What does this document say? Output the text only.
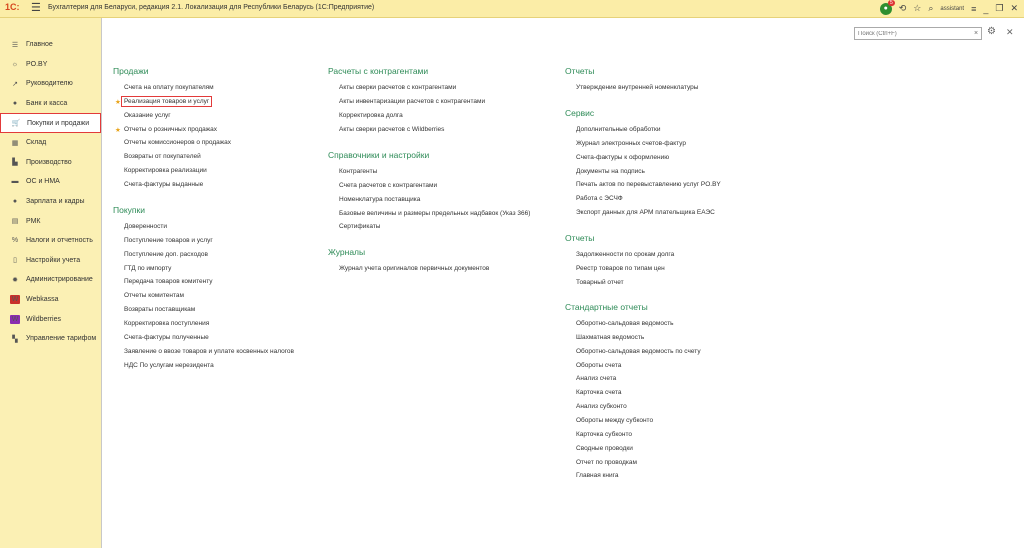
1С: ☰ Бухгалтерия для Беларуси, редакция 2.1. Локализация для Республики Беларусь (1С:Предприятие)	●
5
⟲ ☆ ⌕ assistant ≡ _ ❐ ✕
☰ Главное
☼ PO.BY
↗ Руководителю
●	Банк и касса
🛒 Покупки и продажи
▦ Склад
▙	Производство
▬ ОС и НМА
●	Зарплата и кадры
▤ РМК
% Налоги и отчетность
▯	Настройки учета
✹ Администрирование
W Webkassa
W Wildberries
▚	Управление тарифом
Поиск (Ctrl+F)
× ⚙ ✕
Продажи
Счета на оплату покупателям
Реализация товаров и услуг
★
Оказание услуг
Отчеты о розничных продажах
★
Отчеты комиссионеров о продажах
Возвраты от покупателей
Корректировка реализации
Счета-фактуры выданные
Покупки
Доверенности
Поступление товаров и услуг
Поступление доп. расходов
ГТД по импорту
Передача товаров комитенту
Отчеты комитентам
Возвраты поставщикам
Корректировка поступления
Счета-фактуры полученные
Заявление о ввозе товаров и уплате косвенных налогов
НДС По услугам нерезидента
Расчеты с контрагентами
Акты сверки расчетов с контрагентами
Акты инвентаризации расчетов с контрагентами
Корректировка долга
Акты сверки расчетов с Wildberries
Справочники и настройки
Контрагенты
Счета расчетов с контрагентами
Номенклатура поставщика
Базовые величины и размеры предельных надбавок (Указ 366)
Сертификаты
Журналы
Журнал учета оригиналов первичных документов
Отчеты
Утверждение внутренней номенклатуры
Сервис
Дополнительные обработки
Журнал электронных счетов-фактур
Счета-фактуры к оформлению
Документы на подпись
Печать актов по перевыставлению услуг PO.BY
Работа с ЭСЧФ
Экспорт данных для АРМ плательщика ЕАЭС
Отчеты
Задолженности по срокам долга
Реестр товаров по типам цен
Товарный отчет
Стандартные отчеты
Оборотно-сальдовая ведомость
Шахматная ведомость
Оборотно-сальдовая ведомость по счету
Обороты счета
Анализ счета
Карточка счета
Анализ субконто
Обороты между субконто
Карточка субконто
Сводные проводки
Отчет по проводкам
Главная книга
